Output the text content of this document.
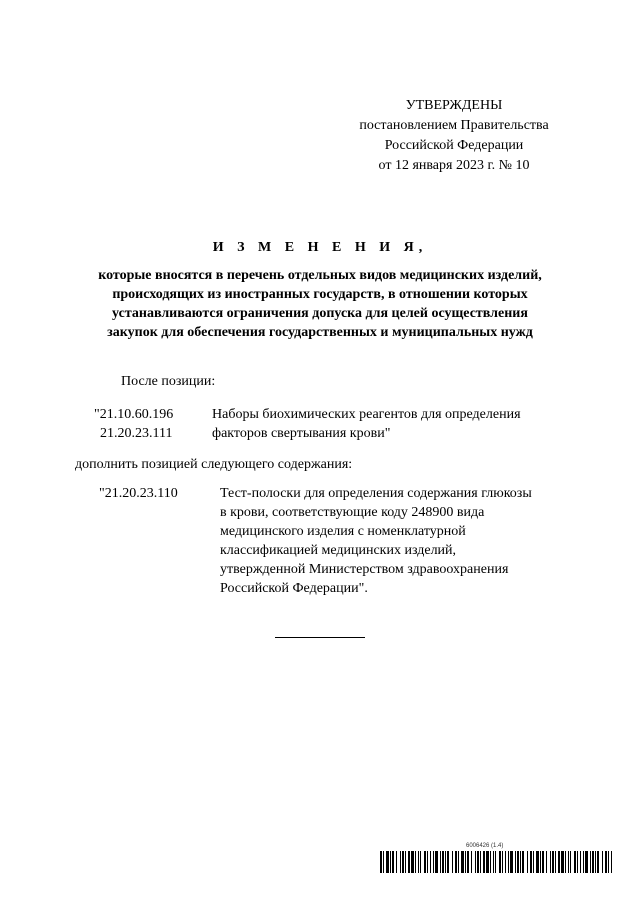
УТВЕРЖДЕНЫ
постановлением Правительства
Российской Федерации
от 12 января 2023 г. № 10
И З М Е Н Е Н И Я,
которые вносятся в перечень отдельных видов медицинских изделий,
происходящих из иностранных государств, в отношении которых
устанавливаются ограничения допуска для целей осуществления
закупок для обеспечения государственных и муниципальных нужд
После позиции:
"21.10.60.196
21.20.23.111
Наборы биохимических реагентов для определения
факторов свертывания крови"
дополнить позицией следующего содержания:
"21.20.23.110	Тест-полоски для определения содержания глюкозы
в крови, соответствующие коду 248900 вида
медицинского изделия с номенклатурной
классификацией медицинских изделий,
утвержденной Министерством здравоохранения
Российской Федерации".
6006426 (1.4)
